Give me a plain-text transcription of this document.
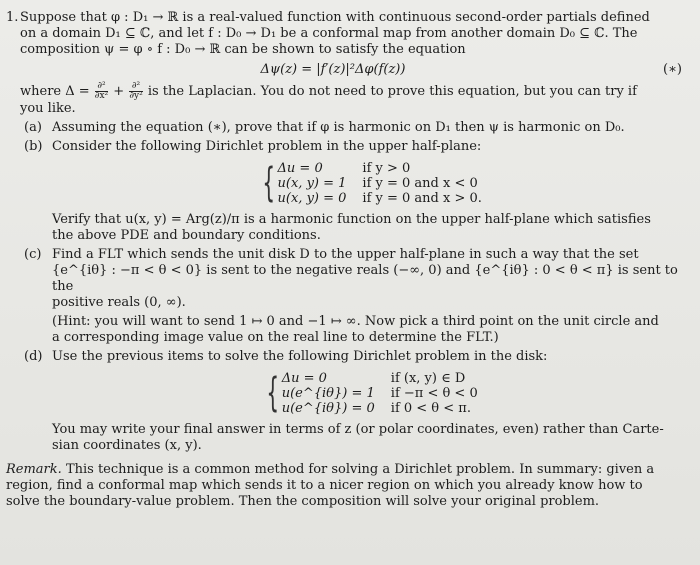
1. Suppose that φ : D₁ → ℝ is a real-valued function with continuous second-order partials defined

on a domain D₁ ⊆ ℂ, and let f : D₀ → D₁ be a conformal map from another domain D₀ ⊆ ℂ. The

composition ψ = φ ∘ f : D₀ → ℝ can be shown to satisfy the equation

Δψ(z) = |f′(z)|²Δφ(f(z))	(∗)

where $\Delta = \frac{\text{∂²}}{\text{∂x²}} + \frac{\text{∂²}}{\text{∂y²}}$ is the Laplacian. You do not need to prove this equation, but you can try if

you like.

(a) Assuming the equation (∗), prove that if φ is harmonic on D₁ then ψ is harmonic on D₀.
(b) Consider the following Dirichlet problem in the upper half-plane:

{ Δu = 0	if y > 0
u(x, y) = 1 if y = 0 and x < 0
u(x, y) = 0 if y = 0 and x > 0.

Verify that u(x, y) = Arg(z)/π is a harmonic function on the upper half-plane which satisfies

the above PDE and boundary conditions.

(c) Find a FLT which sends the unit disk D to the upper half-plane in such a way that the set

{e^{iθ} : −π < θ < 0} is sent to the negative reals (−∞, 0) and {e^{iθ} : 0 < θ < π} is sent to the

positive reals (0, ∞).

(Hint: you will want to send 1 ↦ 0 and −1 ↦ ∞. Now pick a third point on the unit circle and

a corresponding image value on the real line to determine the FLT.)

(d) Use the previous items to solve the following Dirichlet problem in the disk:

{ Δu = 0	if (x, y) ∈ D
u(e^{iθ}) = 1 if −π < θ < 0
u(e^{iθ}) = 0 if 0 < θ < π.

You may write your final answer in terms of z (or polar coordinates, even) rather than Carte-

sian coordinates (x, y).

Remark. This technique is a common method for solving a Dirichlet problem. In summary: given a

region, find a conformal map which sends it to a nicer region on which you already know how to

solve the boundary-value problem. Then the composition will solve your original problem.
